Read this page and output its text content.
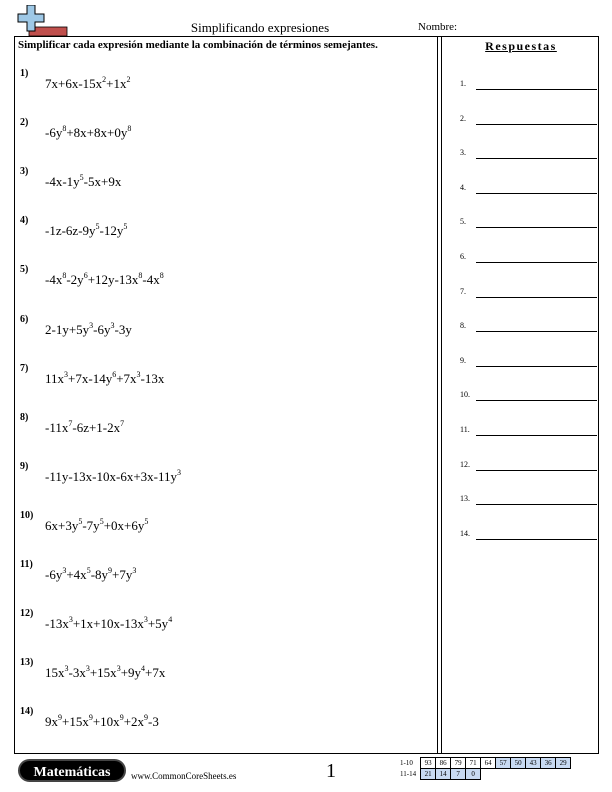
Simplificando expresiones	Nombre:
Simplificar cada expresión mediante la combinación de términos semejantes.	Respuestas
1)
$7x+6x-15x^2+1x^2$
2)
$-6y^8+8x+8x+0y^8$
3)
$-4x-1y^5-5x+9x$
4)
$-1z-6z-9y^5-12y^5$
5)
$-4x^8-2y^6+12y-13x^8-4x^8$
6)
$2-1y+5y^3-6y^3-3y$
7)
$11x^3+7x-14y^6+7x^3-13x$
8)
$-11x^7-6z+1-2x^7$
9)
$-11y-13x-10x-6x+3x-11y^3$
10)
$6x+3y^5-7y^5+0x+6y^5$
11)
$-6y^3+4x^5-8y^9+7y^3$
12)
$-13x^3+1x+10x-13x^3+5y^4$
13)
$15x^3-3x^3+15x^3+9y^4+7x$
14)
$9x^9+15x^9+10x^9+2x^9-3$
1.
2.
3.
4.
5.
6.
7.
8.
9.
10.
11.
12.
13.
14.
Matemáticas	www.CommonCoreSheets.es	1	1-10	93	86	79	71	64	57	50	43	36	29
11-14	21	14	7	0						
